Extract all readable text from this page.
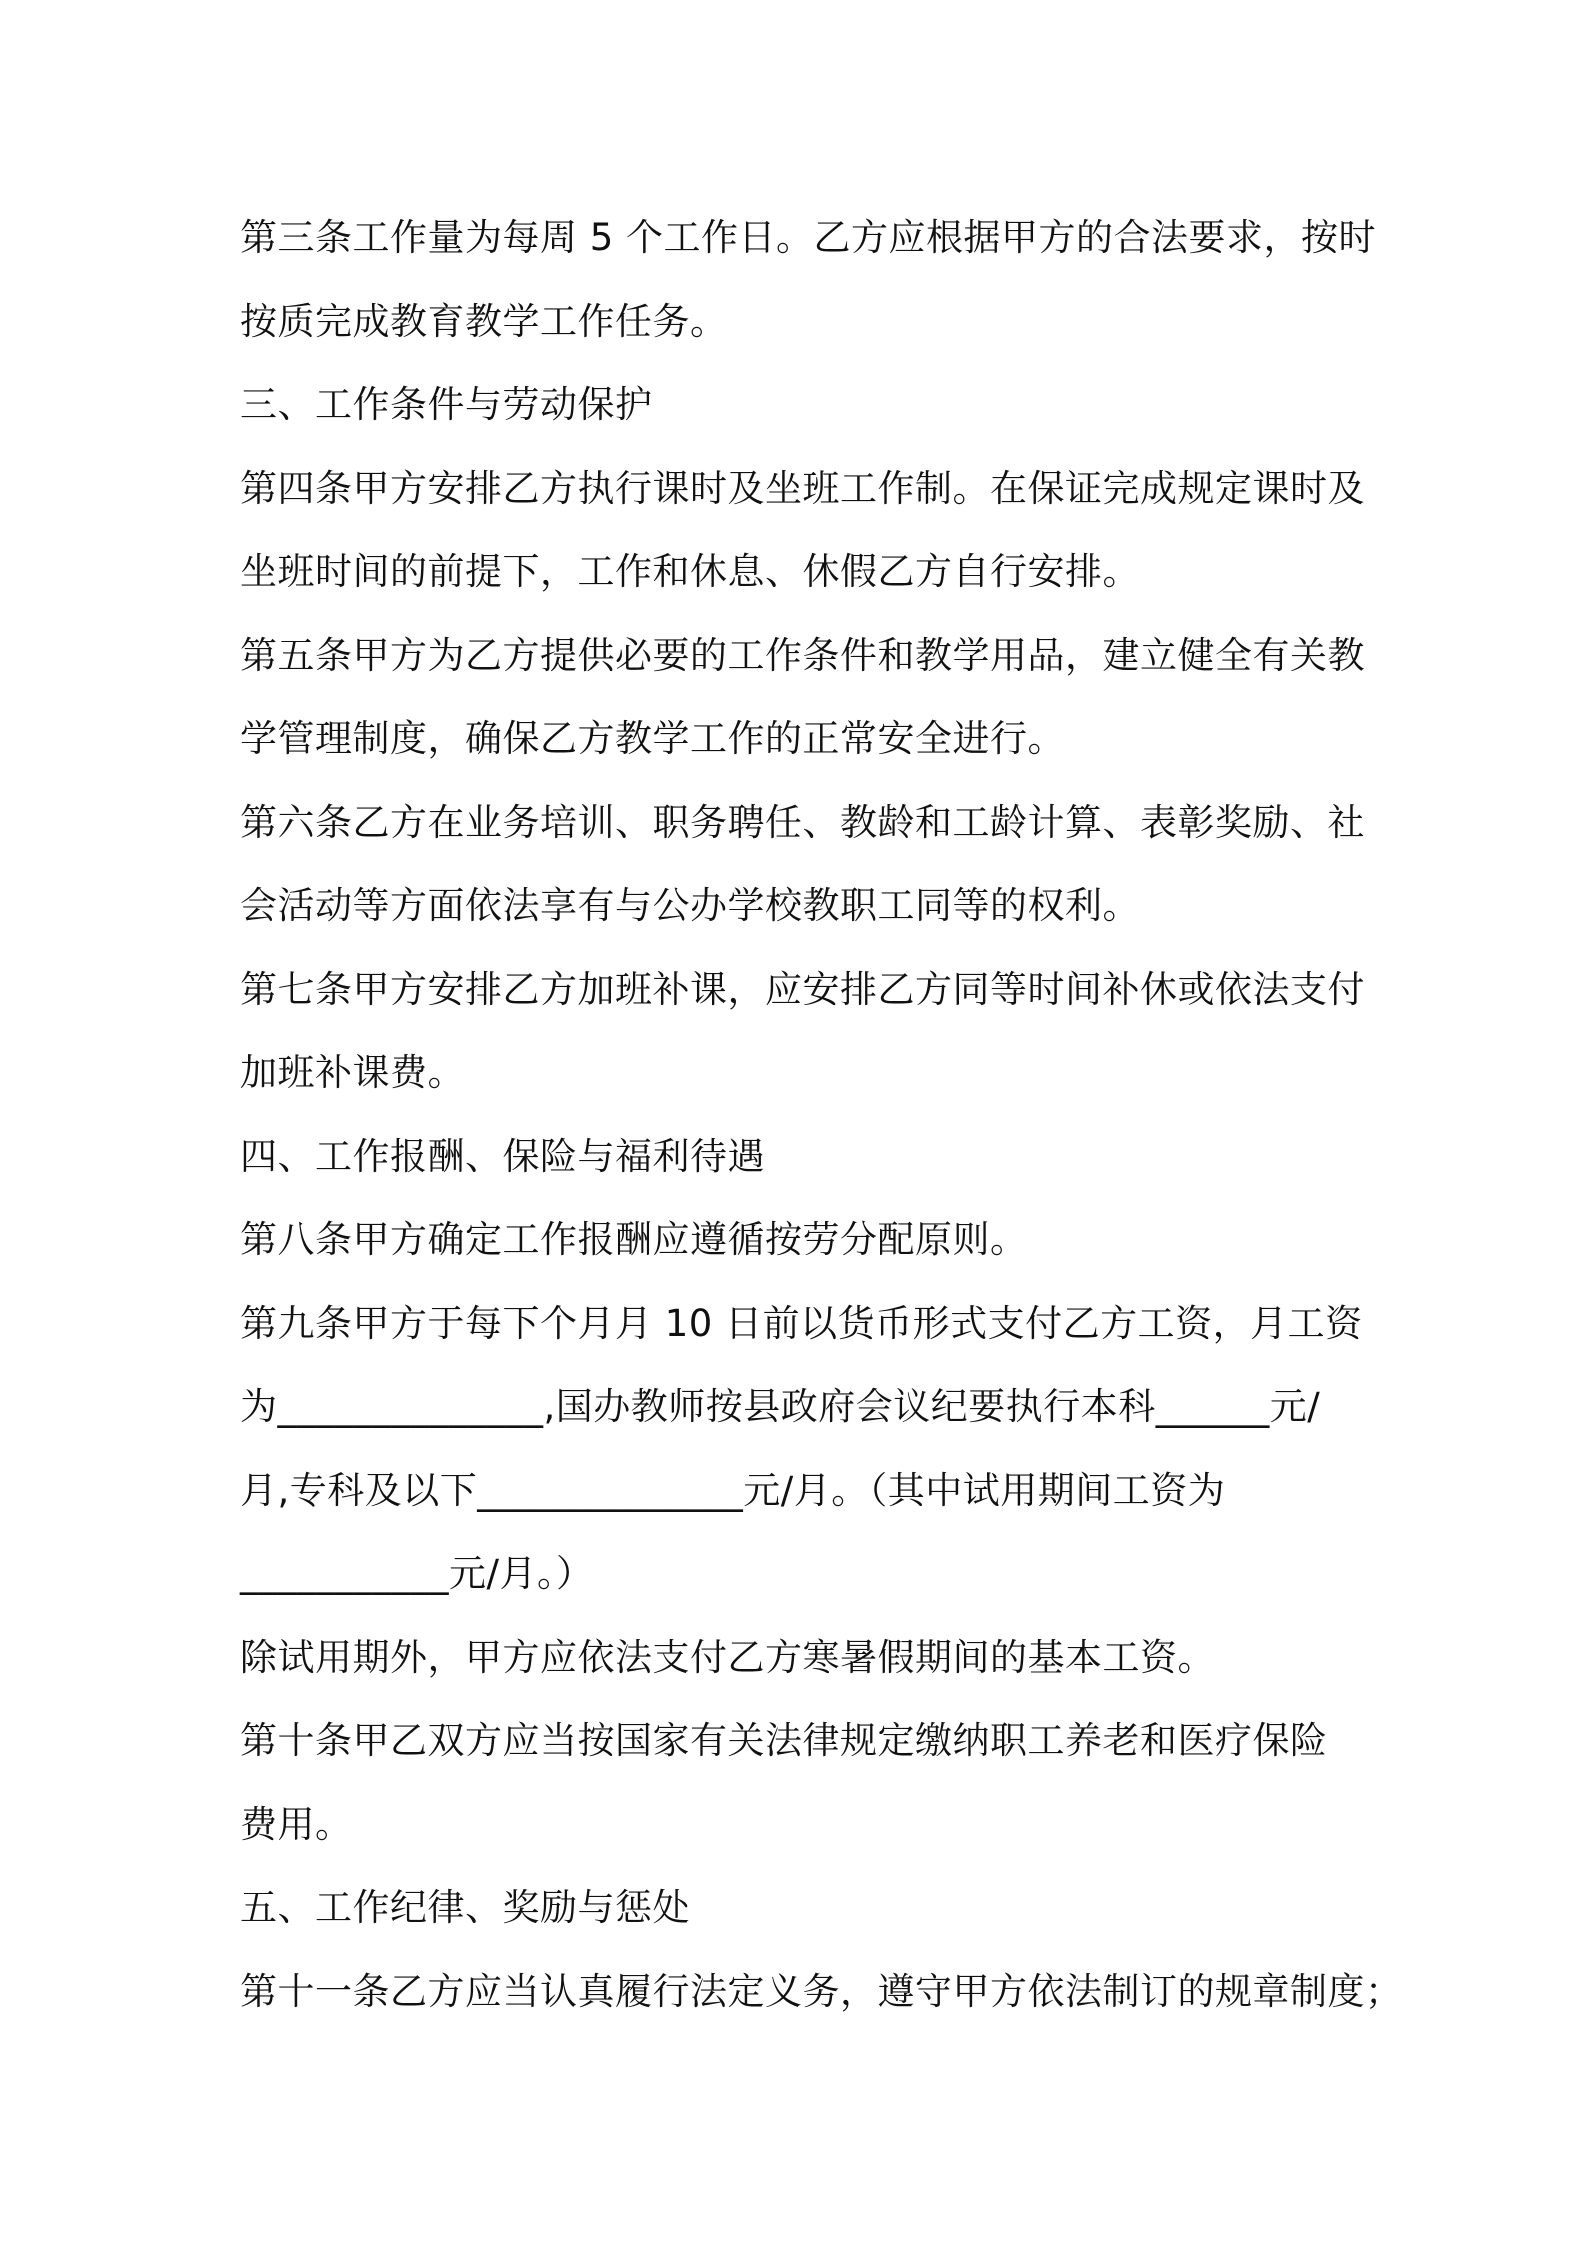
第三条工作量为每周 5 个工作日。乙方应根据甲方的合法要求，按时
按质完成教育教学工作任务。
三、工作条件与劳动保护
第四条甲方安排乙方执行课时及坐班工作制。在保证完成规定课时及
坐班时间的前提下，工作和休息、休假乙方自行安排。
第五条甲方为乙方提供必要的工作条件和教学用品，建立健全有关教
学管理制度，确保乙方教学工作的正常安全进行。
第六条乙方在业务培训、职务聘任、教龄和工龄计算、表彰奖励、社
会活动等方面依法享有与公办学校教职工同等的权利。
第七条甲方安排乙方加班补课，应安排乙方同等时间补休或依法支付
加班补课费。
四、工作报酬、保险与福利待遇
第八条甲方确定工作报酬应遵循按劳分配原则。
第九条甲方于每下个月月 10 日前以货币形式支付乙方工资，月工资
为______________,国办教师按县政府会议纪要执行本科______元/
月,专科及以下______________元/月。（其中试用期间工资为
___________元/月。）
除试用期外，甲方应依法支付乙方寒暑假期间的基本工资。
第十条甲乙双方应当按国家有关法律规定缴纳职工养老和医疗保险
费用。
五、工作纪律、奖励与惩处
第十一条乙方应当认真履行法定义务，遵守甲方依法制订的规章制度；
